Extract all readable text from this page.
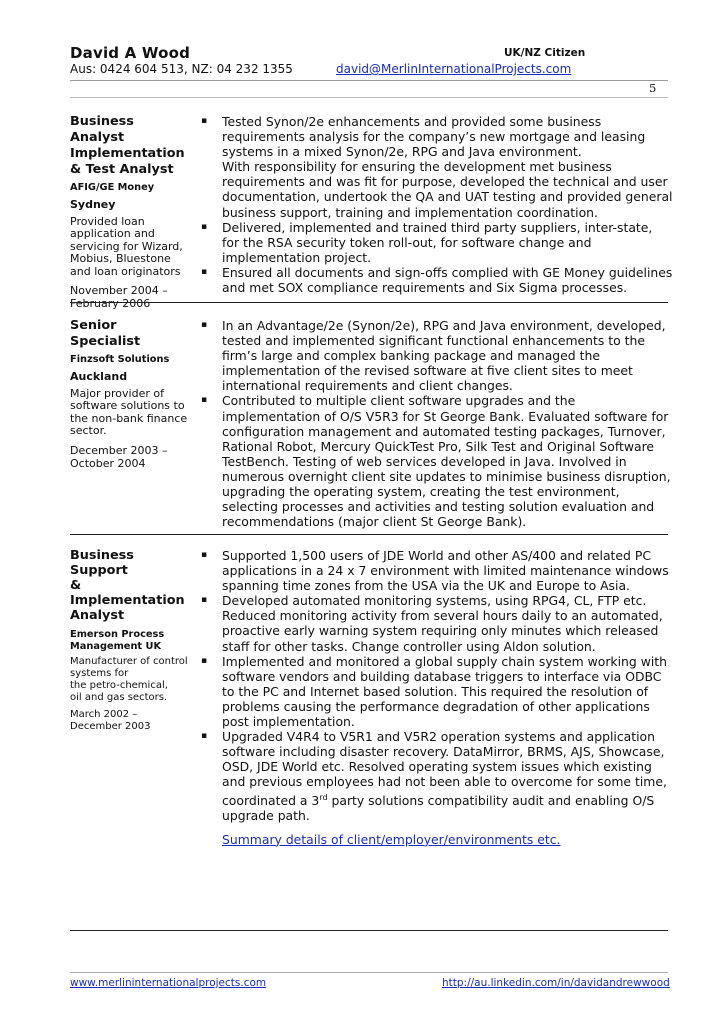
David A Wood	UK/NZ Citizen
Aus: 0424 604 513, NZ: 04 232 1355	david@MerlinInternationalProjects.com
5
Business Analyst
Implementation
& Test Analyst
AFIG/GE Money
Sydney
Provided loan
application and
servicing for Wizard,
Mobius, Bluestone
and loan originators
November 2004 –
February 2006
▪ Tested Synon/2e enhancements and provided some business
requirements analysis for the company’s new mortgage and leasing
systems in a mixed Synon/2e, RPG and Java environment.
With responsibility for ensuring the development met business
requirements and was fit for purpose, developed the technical and user
documentation, undertook the QA and UAT testing and provided general
business support, training and implementation coordination.
▪ Delivered, implemented and trained third party suppliers, inter-state,
for the RSA security token roll-out, for software change and
implementation project.
▪ Ensured all documents and sign-offs complied with GE Money guidelines
and met SOX compliance requirements and Six Sigma processes.
Senior Specialist
Finzsoft Solutions
Auckland
Major provider of
software solutions to
the non-bank finance
sector.
December 2003 –
October 2004
▪ In an Advantage/2e (Synon/2e), RPG and Java environment, developed,
tested and implemented significant functional enhancements to the
firm’s large and complex banking package and managed the
implementation of the revised software at five client sites to meet
international requirements and client changes.
▪ Contributed to multiple client software upgrades and the
implementation of O/S V5R3 for St George Bank. Evaluated software for
configuration management and automated testing packages, Turnover,
Rational Robot, Mercury QuickTest Pro, Silk Test and Original Software
TestBench. Testing of web services developed in Java. Involved in
numerous overnight client site updates to minimise business disruption,
upgrading the operating system, creating the test environment,
selecting processes and activities and testing solution evaluation and
recommendations (major client St George Bank).
Business Support
&
Implementation
Analyst
Emerson Process Management UK
Manufacturer of control
systems for
the petro-chemical,
oil and gas sectors.
March 2002 –
December 2003
▪ Supported 1,500 users of JDE World and other AS/400 and related PC
applications in a 24 x 7 environment with limited maintenance windows
spanning time zones from the USA via the UK and Europe to Asia.
▪ Developed automated monitoring systems, using RPG4, CL, FTP etc.
Reduced monitoring activity from several hours daily to an automated,
proactive early warning system requiring only minutes which released
staff for other tasks. Change controller using Aldon solution.
▪ Implemented and monitored a global supply chain system working with
software vendors and building database triggers to interface via ODBC
to the PC and Internet based solution. This required the resolution of
problems causing the performance degradation of other applications
post implementation.
▪ Upgraded V4R4 to V5R1 and V5R2 operation systems and application
software including disaster recovery. DataMirror, BRMS, AJS, Showcase,
OSD, JDE World etc. Resolved operating system issues which existing
and previous employees had not been able to overcome for some time,
coordinated a 3rd party solutions compatibility audit and enabling O/S
upgrade path.
Summary details of client/employer/environments etc.
www.merlininternationalprojects.com	http://au.linkedin.com/in/davidandrewwood
